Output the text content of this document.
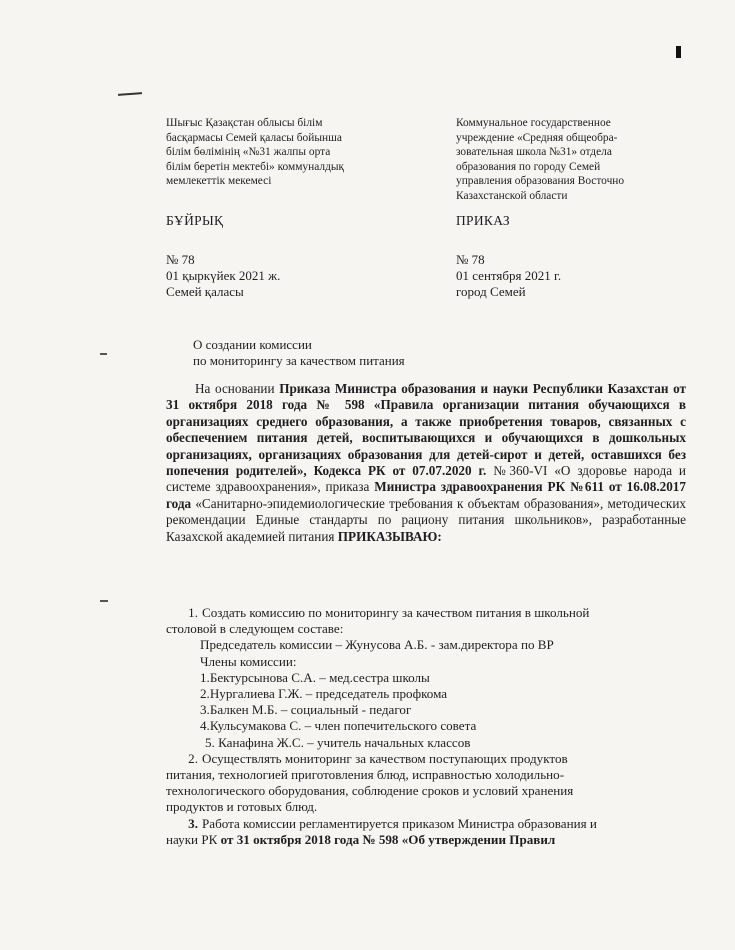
Шығыс Қазақстан облысы білім
басқармасы Семей қаласы бойынша
білім бөлімінің «№31 жалпы орта
білім беретін мектебі» коммуналдық
мемлекеттік мекемесі
Коммунальное государственное
учреждение «Средняя общеобра-
зовательная школа №31» отдела
образования по городу Семей
управления образования Восточно
Казахстанской области
БҰЙРЫҚ	ПРИКАЗ
№ 78
01 қыркүйек 2021 ж.
Семей қаласы
№ 78
01 сентября 2021 г.
город Семей
О создании комиссии
по мониторингу за качеством питания
На основании Приказа Министра образования и науки Республики Казахстан от 31 октября 2018 года № 598 «Правила организации питания обучающихся в организациях среднего образования, а также приобретения товаров, связанных с обеспечением питания детей, воспитывающихся и обучающихся в дошкольных организациях, организациях образования для детей-сирот и детей, оставшихся без попечения родителей», Кодекса РК от 07.07.2020 г. №360-VI «О здоровье народа и системе здравоохранения», приказа Министра здравоохранения РК №611 от 16.08.2017 года «Санитарно-эпидемиологические требования к объектам образования», методических рекомендации Единые стандарты по рациону питания школьников», разработанные Казахской академией питания ПРИКАЗЫВАЮ:
1. Создать комиссию по мониторингу за качеством питания в школьной
столовой в следующем составе:
Председатель комиссии – Жунусова А.Б. - зам.директора по ВР
Члены комиссии:
1.Бектурсынова С.А. – мед.сестра школы
2.Нургалиева Г.Ж. – председатель профкома
3.Балкен М.Б. – социальный - педагог
4.Кульсумакова С. – член попечительского совета
5. Канафина Ж.С. – учитель начальных классов
2. Осуществлять мониторинг за качеством поступающих продуктов
питания, технологией приготовления блюд, исправностью холодильно-
технологического оборудования, соблюдение сроков и условий хранения
продуктов и готовых блюд.
3. Работа комиссии регламентируется приказом Министра образования и
науки РК от 31 октября 2018 года № 598 «Об утверждении Правил
